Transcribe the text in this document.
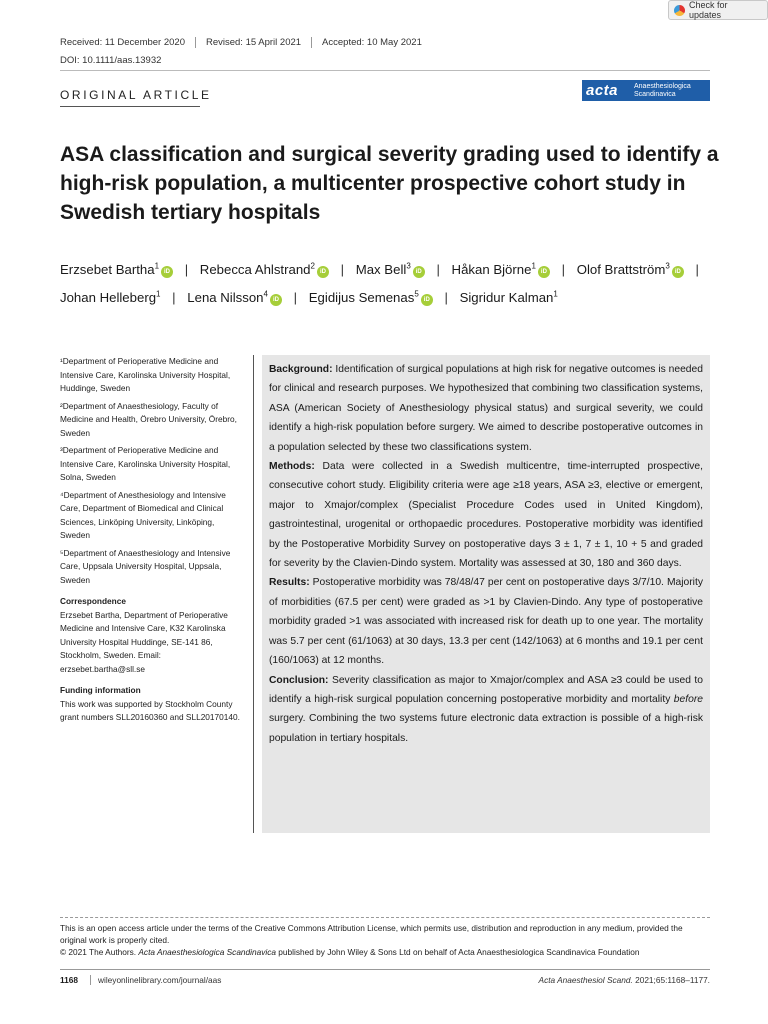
Check for updates
Received: 11 December 2020	Revised: 15 April 2021	Accepted: 10 May 2021
DOI: 10.1111/aas.13932
ORIGINAL ARTICLE	acta	Anaesthesiologica
Scandinavica
ASA classification and surgical severity grading used to identify a high-risk population, a multicenter prospective cohort study in Swedish tertiary hospitals
Erzsebet Bartha$^1$iD | Rebecca Ahlstrand$^2$iD | Max Bell$^3$iD | Håkan Björne$^1$iD | Olof Brattström$^3$iD | Johan Helleberg$^1$ | Lena Nilsson$^4$iD | Egidijus Semenas$^5$iD | Sigridur Kalman$^1$
¹Department of Perioperative Medicine and Intensive Care, Karolinska University Hospital, Huddinge, Sweden
²Department of Anaesthesiology, Faculty of Medicine and Health, Örebro University, Örebro, Sweden
³Department of Perioperative Medicine and Intensive Care, Karolinska University Hospital, Solna, Sweden
⁴Department of Anesthesiology and Intensive Care, Department of Biomedical and Clinical Sciences, Linköping University, Linköping, Sweden
⁵Department of Anaesthesiology and Intensive Care, Uppsala University Hospital, Uppsala, Sweden
Correspondence

Erzsebet Bartha, Department of Perioperative Medicine and Intensive Care, K32 Karolinska University Hospital Huddinge, SE-141 86, Stockholm, Sweden. Email: erzsebet.bartha@sll.se

Funding information

This work was supported by Stockholm County grant numbers SLL20160360 and SLL20170140.

Background: Identification of surgical populations at high risk for negative outcomes is needed for clinical and research purposes. We hypothesized that combining two classification systems, ASA (American Society of Anesthesiology physical status) and surgical severity, we could identify a high-risk population before surgery. We aimed to describe postoperative outcomes in a population selected by these two classifications system.

Methods: Data were collected in a Swedish multicentre, time-interrupted prospective, consecutive cohort study. Eligibility criteria were age ≥18 years, ASA ≥3, elective or emergent, major to Xmajor/complex (Specialist Procedure Codes used in United Kingdom), gastrointestinal, urogenital or orthopaedic procedures. Postoperative morbidity was identified by the Postoperative Morbidity Survey on postoperative days 3 ± 1, 7 ± 1, 10 + 5 and graded for severity by the Clavien-Dindo system. Mortality was assessed at 30, 180 and 360 days.

Results: Postoperative morbidity was 78/48/47 per cent on postoperative days 3/7/10. Majority of morbidities (67.5 per cent) were graded as >1 by Clavien-Dindo. Any type of postoperative morbidity graded >1 was associated with increased risk for death up to one year. The mortality was 5.7 per cent (61/1063) at 30 days, 13.3 per cent (142/1063) at 6 months and 19.1 per cent (160/1063) at 12 months.

Conclusion: Severity classification as major to Xmajor/complex and ASA ≥3 could be used to identify a high-risk surgical population concerning postoperative morbidity and mortality before surgery. Combining the two systems future electronic data extraction is possible of a high-risk population in tertiary hospitals.

This is an open access article under the terms of the Creative Commons Attribution License, which permits use, distribution and reproduction in any medium, provided the original work is properly cited.
© 2021 The Authors. Acta Anaesthesiologica Scandinavica published by John Wiley & Sons Ltd on behalf of Acta Anaesthesiologica Scandinavica Foundation
1168	wileyonlinelibrary.com/journal/aas	Acta Anaesthesiol Scand. 2021;65:1168–1177.
